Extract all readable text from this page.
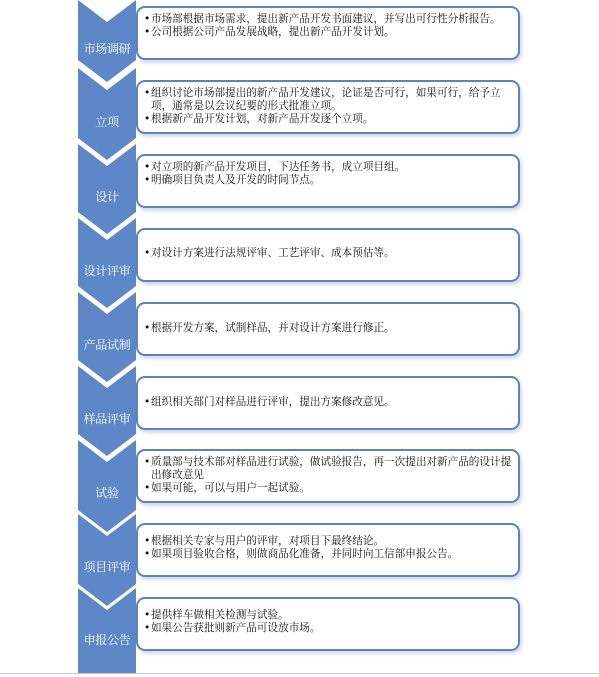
市场调研
• 市场部根据市场需求，提出新产品开发书面建议，并写出可行性分析报告。
• 公司根据公司产品发展战略，提出新产品开发计划。
立项
• 组织讨论市场部提出的新产品开发建议，论证是否可行，如果可行，给予立项，通常是以会议纪要的形式批准立项。
• 根据新产品开发计划，对新产品开发逐个立项。
设计
• 对立项的新产品开发项目，下达任务书，成立项目组。
• 明确项目负责人及开发的时间节点。
设计评审
• 对设计方案进行法规评审、工艺评审、成本预估等。
产品试制
• 根据开发方案，试制样品，并对设计方案进行修正。
样品评审
• 组织相关部门对样品进行评审，提出方案修改意见。
试验
• 质量部与技术部对样品进行试验，做试验报告，再一次提出对新产品的设计提出修改意见
• 如果可能，可以与用户一起试验。
项目评审
• 根据相关专家与用户的评审，对项目下最终结论。
• 如果项目验收合格，则做商品化准备，并同时向工信部申报公告。
申报公告
• 提供样车做相关检测与试验。
• 如果公告获批则新产品可设放市场。
